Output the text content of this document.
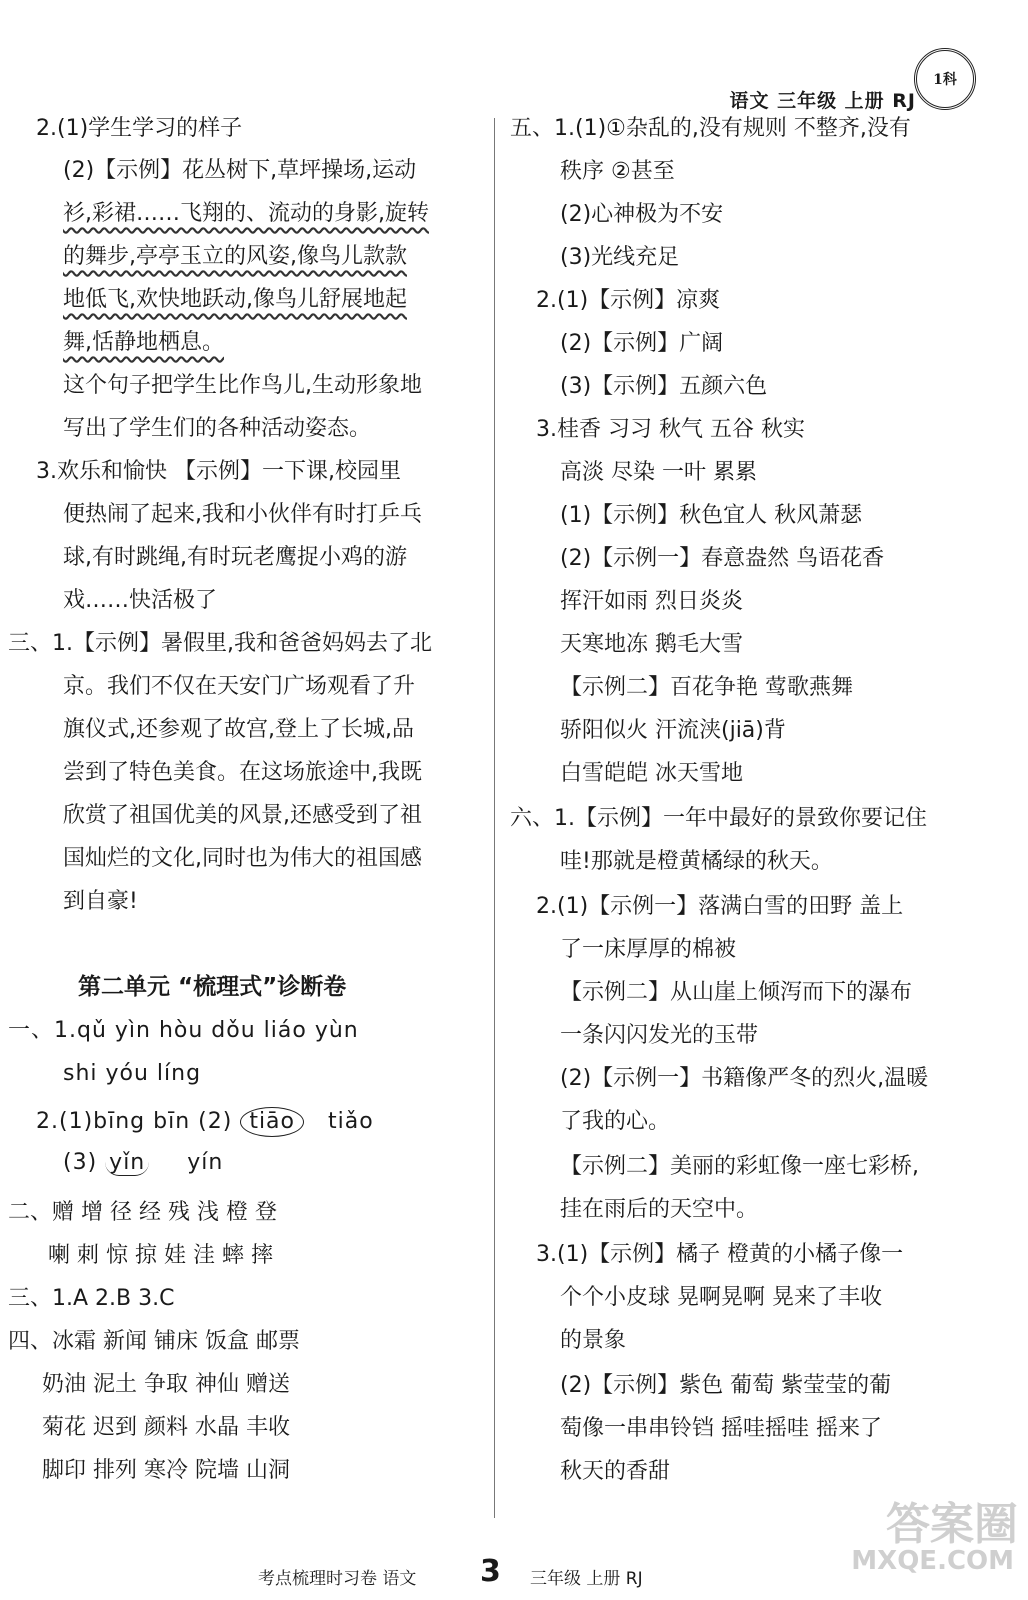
语文 三年级 上册 RJ
1科
2.(1)学生学习的样子
(2)【示例】花丛树下,草坪操场,运动
衫,彩裙……飞翔的、流动的身影,旋转
的舞步,亭亭玉立的风姿,像鸟儿款款
地低飞,欢快地跃动,像鸟儿舒展地起
舞,恬静地栖息。
这个句子把学生比作鸟儿,生动形象地
写出了学生们的各种活动姿态。
3.欢乐和愉快 【示例】一下课,校园里
便热闹了起来,我和小伙伴有时打乒乓
球,有时跳绳,有时玩老鹰捉小鸡的游
戏……快活极了
三、1.【示例】暑假里,我和爸爸妈妈去了北
京。我们不仅在天安门广场观看了升
旗仪式,还参观了故宫,登上了长城,品
尝到了特色美食。在这场旅途中,我既
欣赏了祖国优美的风景,还感受到了祖
国灿烂的文化,同时也为伟大的祖国感
到自豪!
第二单元 “梳理式”诊断卷
一、1.qǔ yìn hòu dǒu liáo yùn
shi yóu líng
2.(1)bīng bīn (2) tiāo tiǎo
(3) yǐn yín
二、赠 增 径 经 残 浅 橙 登
喇 刺 惊 掠 娃 洼 蟀 摔
三、1.A 2.B 3.C
四、冰霜 新闻 铺床 饭盒 邮票
奶油 泥土 争取 神仙 赠送
菊花 迟到 颜料 水晶 丰收
脚印 排列 寒冷 院墙 山洞
五、1.(1)①杂乱的,没有规则 不整齐,没有
秩序 ②甚至
(2)心神极为不安
(3)光线充足
2.(1)【示例】凉爽
(2)【示例】广阔
(3)【示例】五颜六色
3.桂香 习习 秋气 五谷 秋实
高淡 尽染 一叶 累累
(1)【示例】秋色宜人 秋风萧瑟
(2)【示例一】春意盎然 鸟语花香
挥汗如雨 烈日炎炎
天寒地冻 鹅毛大雪
【示例二】百花争艳 莺歌燕舞
骄阳似火 汗流浃(jiā)背
白雪皑皑 冰天雪地
六、1.【示例】一年中最好的景致你要记住
哇!那就是橙黄橘绿的秋天。
2.(1)【示例一】落满白雪的田野 盖上
了一床厚厚的棉被
【示例二】从山崖上倾泻而下的瀑布
一条闪闪发光的玉带
(2)【示例一】书籍像严冬的烈火,温暖
了我的心。
【示例二】美丽的彩虹像一座七彩桥,
挂在雨后的天空中。
3.(1)【示例】橘子 橙黄的小橘子像一
个个小皮球 晃啊晃啊 晃来了丰收
的景象
(2)【示例】紫色 葡萄 紫莹莹的葡
萄像一串串铃铛 摇哇摇哇 摇来了
秋天的香甜
答案圈
MXQE.COM
考点梳理时习卷 语文 3 三年级 上册 RJ
